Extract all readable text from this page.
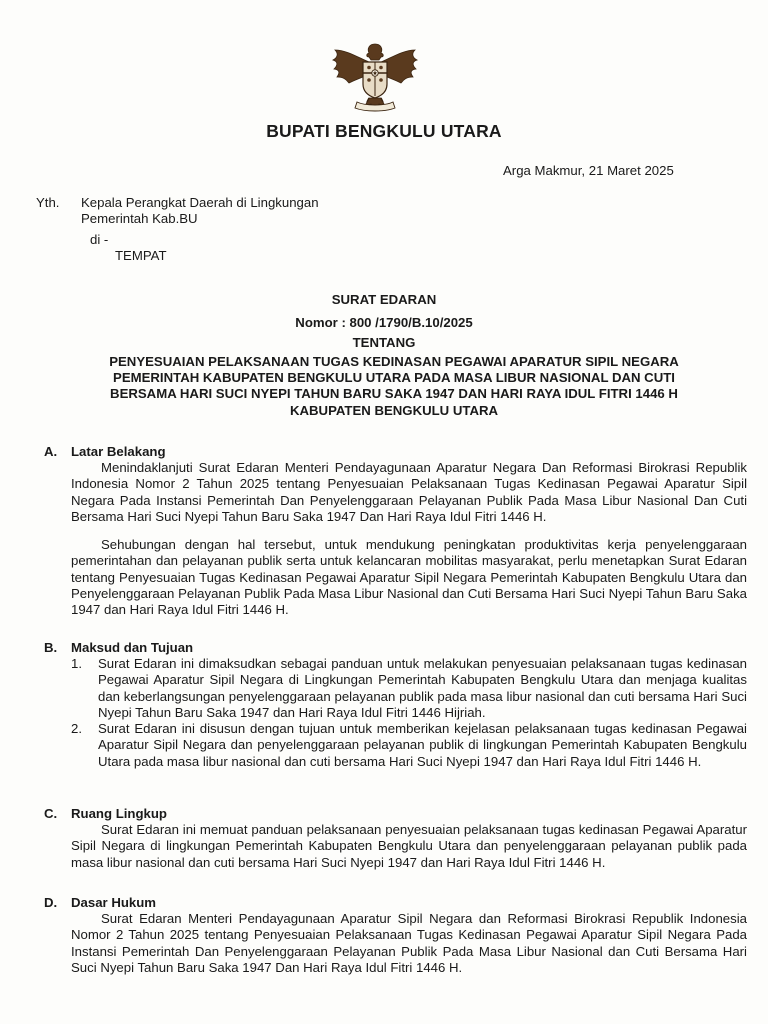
BUPATI BENGKULU UTARA
Arga Makmur, 21 Maret 2025
Yth. Kepala Perangkat Daerah di Lingkungan
Pemerintah Kab.BU
di -
TEMPAT
SURAT EDARAN
Nomor : 800 /1790/B.10/2025
TENTANG
PENYESUAIAN PELAKSANAAN TUGAS KEDINASAN PEGAWAI APARATUR SIPIL NEGARA
PEMERINTAH KABUPATEN BENGKULU UTARA PADA MASA LIBUR NASIONAL DAN CUTI
BERSAMA HARI SUCI NYEPI TAHUN BARU SAKA 1947 DAN HARI RAYA IDUL FITRI 1446 H
KABUPATEN BENGKULU UTARA
A. Latar Belakang

Menindaklanjuti Surat Edaran Menteri Pendayagunaan Aparatur Negara Dan Reformasi Birokrasi Republik Indonesia Nomor 2 Tahun 2025 tentang Penyesuaian Pelaksanaan Tugas Kedinasan Pegawai Aparatur Sipil Negara Pada Instansi Pemerintah Dan Penyelenggaraan Pelayanan Publik Pada Masa Libur Nasional Dan Cuti Bersama Hari Suci Nyepi Tahun Baru Saka 1947 Dan Hari Raya Idul Fitri 1446 H.

Sehubungan dengan hal tersebut, untuk mendukung peningkatan produktivitas kerja penyelenggaraan pemerintahan dan pelayanan publik serta untuk kelancaran mobilitas masyarakat, perlu menetapkan Surat Edaran tentang Penyesuaian Tugas Kedinasan Pegawai Aparatur Sipil Negara Pemerintah Kabupaten Bengkulu Utara dan Penyelenggaraan Pelayanan Publik Pada Masa Libur Nasional dan Cuti Bersama Hari Suci Nyepi Tahun Baru Saka 1947 dan Hari Raya Idul Fitri 1446 H.

B. Maksud dan Tujuan
1. Surat Edaran ini dimaksudkan sebagai panduan untuk melakukan penyesuaian pelaksanaan tugas kedinasan Pegawai Aparatur Sipil Negara di Lingkungan Pemerintah Kabupaten Bengkulu Utara dan menjaga kualitas dan keberlangsungan penyelenggaraan pelayanan publik pada masa libur nasional dan cuti bersama Hari Suci Nyepi Tahun Baru Saka 1947 dan Hari Raya Idul Fitri 1446 Hijriah.
2. Surat Edaran ini disusun dengan tujuan untuk memberikan kejelasan pelaksanaan tugas kedinasan Pegawai Aparatur Sipil Negara dan penyelenggaraan pelayanan publik di lingkungan Pemerintah Kabupaten Bengkulu Utara pada masa libur nasional dan cuti bersama Hari Suci Nyepi 1947 dan Hari Raya Idul Fitri 1446 H.
C. Ruang Lingkup

Surat Edaran ini memuat panduan pelaksanaan penyesuaian pelaksanaan tugas kedinasan Pegawai Aparatur Sipil Negara di lingkungan Pemerintah Kabupaten Bengkulu Utara dan penyelenggaraan pelayanan publik pada masa libur nasional dan cuti bersama Hari Suci Nyepi 1947 dan Hari Raya Idul Fitri 1446 H.

D. Dasar Hukum

Surat Edaran Menteri Pendayagunaan Aparatur Sipil Negara dan Reformasi Birokrasi Republik Indonesia Nomor 2 Tahun 2025 tentang Penyesuaian Pelaksanaan Tugas Kedinasan Pegawai Aparatur Sipil Negara Pada Instansi Pemerintah Dan Penyelenggaraan Pelayanan Publik Pada Masa Libur Nasional dan Cuti Bersama Hari Suci Nyepi Tahun Baru Saka 1947 Dan Hari Raya Idul Fitri 1446 H.
